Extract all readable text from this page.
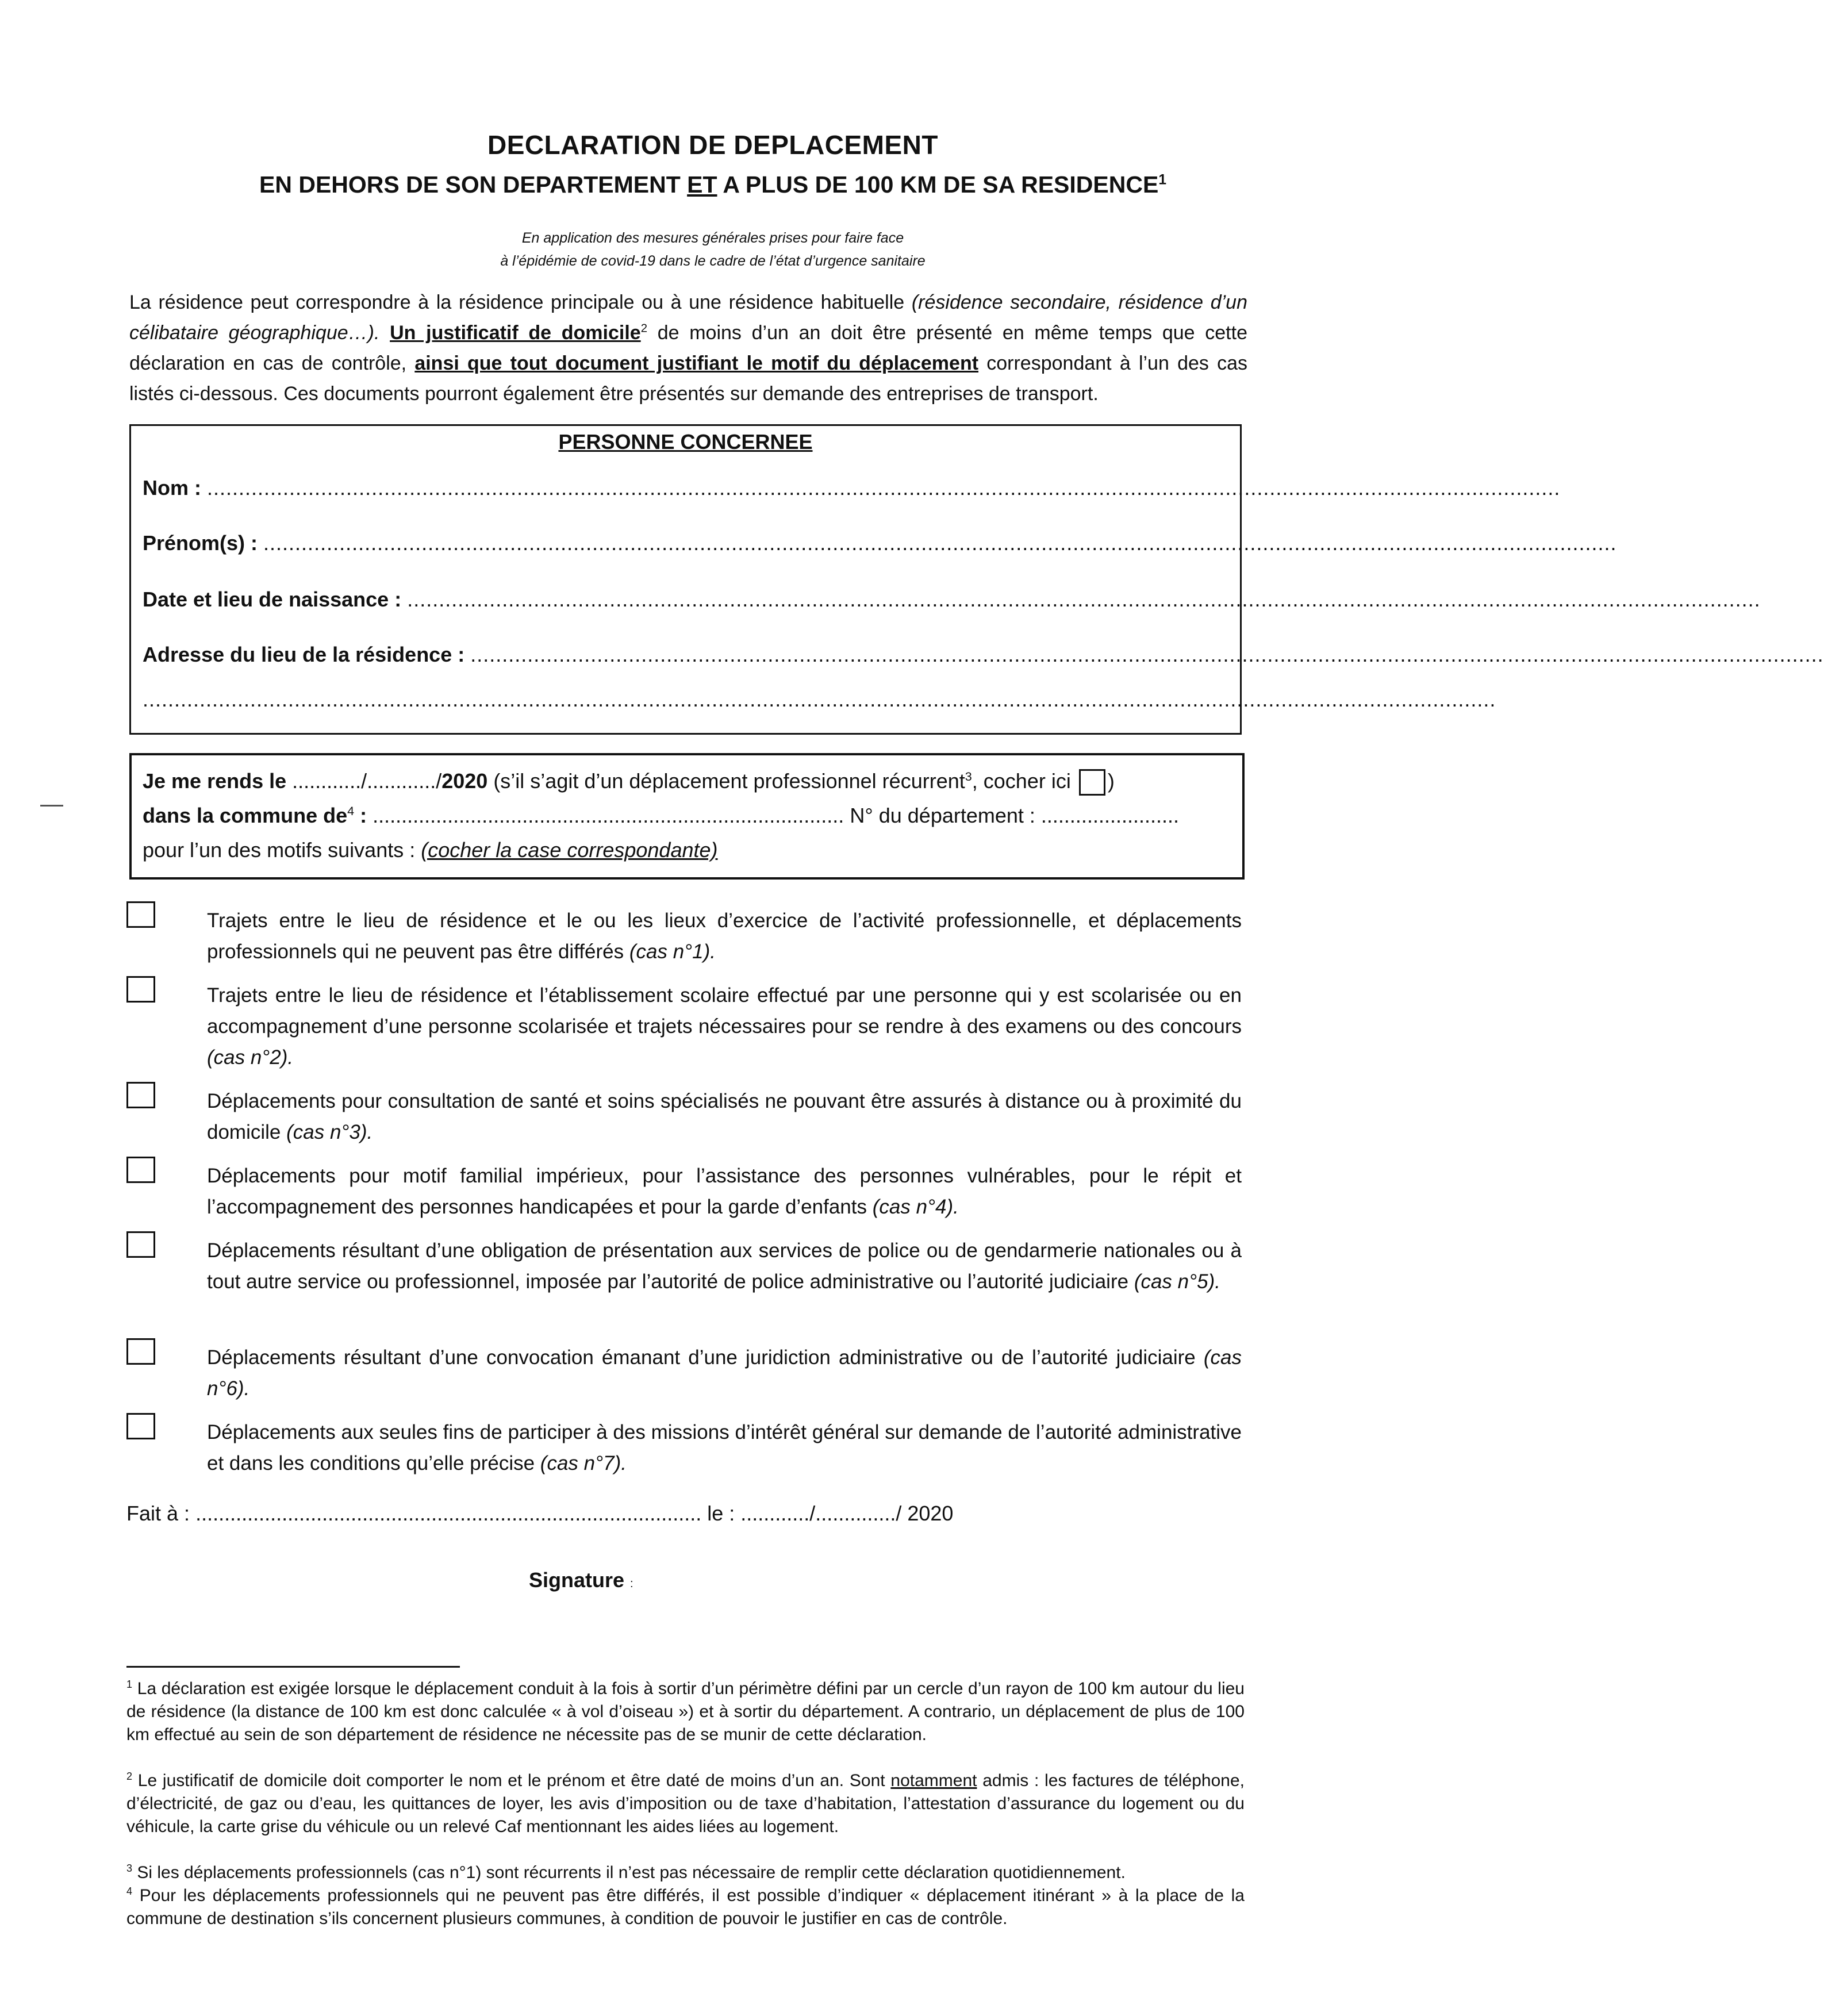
DECLARATION DE DEPLACEMENT
EN DEHORS DE SON DEPARTEMENT ET A PLUS DE 100 KM DE SA RESIDENCE$^1$
En application des mesures générales prises pour faire face
à l’épidémie de covid-19 dans le cadre de l’état d’urgence sanitaire
La résidence peut correspondre à la résidence principale ou à une résidence habituelle (résidence secondaire, résidence d’un célibataire géographique…). Un justificatif de domicile$^2$ de moins d’un an doit être présenté en même temps que cette déclaration en cas de contrôle, ainsi que tout document justifiant le motif du déplacement correspondant à l’un des cas listés ci-dessous. Ces documents pourront également être présentés sur demande des entreprises de transport.
PERSONNE CONCERNEE
Nom : ......................................................................................................................................................................................................................
Prénom(s) : ......................................................................................................................................................................................................................
Date et lieu de naissance : ......................................................................................................................................................................................................................
Adresse du lieu de la résidence : ......................................................................................................................................................................................................................
......................................................................................................................................................................................................................
Je me rends le ............/............/2020 (s’il s’agit d’un déplacement professionnel récurrent$^3$, cocher ici )
dans la commune $de^4$ : .................................................................................. N° du département : ........................
pour l’un des motifs suivants : (cocher la case correspondante)
Trajets entre le lieu de résidence et le ou les lieux d’exercice de l’activité professionnelle, et déplacements professionnels qui ne peuvent pas être différés (cas n°1).
Trajets entre le lieu de résidence et l’établissement scolaire effectué par une personne qui y est scolarisée ou en accompagnement d’une personne scolarisée et trajets nécessaires pour se rendre à des examens ou des concours (cas n°2).
Déplacements pour consultation de santé et soins spécialisés ne pouvant être assurés à distance ou à proximité du domicile (cas n°3).
Déplacements pour motif familial impérieux, pour l’assistance des personnes vulnérables, pour le répit et l’accompagnement des personnes handicapées et pour la garde d’enfants (cas n°4).
Déplacements résultant d’une obligation de présentation aux services de police ou de gendarmerie nationales ou à tout autre service ou professionnel, imposée par l’autorité de police administrative ou l’autorité judiciaire (cas n°5).
Déplacements résultant d’une convocation émanant d’une juridiction administrative ou de l’autorité judiciaire (cas n°6).
Déplacements aux seules fins de participer à des missions d’intérêt général sur demande de l’autorité administrative et dans les conditions qu’elle précise (cas n°7).
Fait à : ........................................................................................ le : ............/............../ 2020
Signature :
$^1$ La déclaration est exigée lorsque le déplacement conduit à la fois à sortir d’un périmètre défini par un cercle d’un rayon de 100 km autour du lieu de résidence (la distance de 100 km est donc calculée « à vol d’oiseau ») et à sortir du département. A contrario, un déplacement de plus de 100 km effectué au sein de son département de résidence ne nécessite pas de se munir de cette déclaration.
$^2$ Le justificatif de domicile doit comporter le nom et le prénom et être daté de moins d’un an. Sont notamment admis : les factures de téléphone, d’électricité, de gaz ou d’eau, les quittances de loyer, les avis d’imposition ou de taxe d’habitation, l’attestation d’assurance du logement ou du véhicule, la carte grise du véhicule ou un relevé Caf mentionnant les aides liées au logement.
$^3$ Si les déplacements professionnels (cas n°1) sont récurrents il n’est pas nécessaire de remplir cette déclaration quotidiennement.
$^4$ Pour les déplacements professionnels qui ne peuvent pas être différés, il est possible d’indiquer « déplacement itinérant » à la place de la commune de destination s’ils concernent plusieurs communes, à condition de pouvoir le justifier en cas de contrôle.
